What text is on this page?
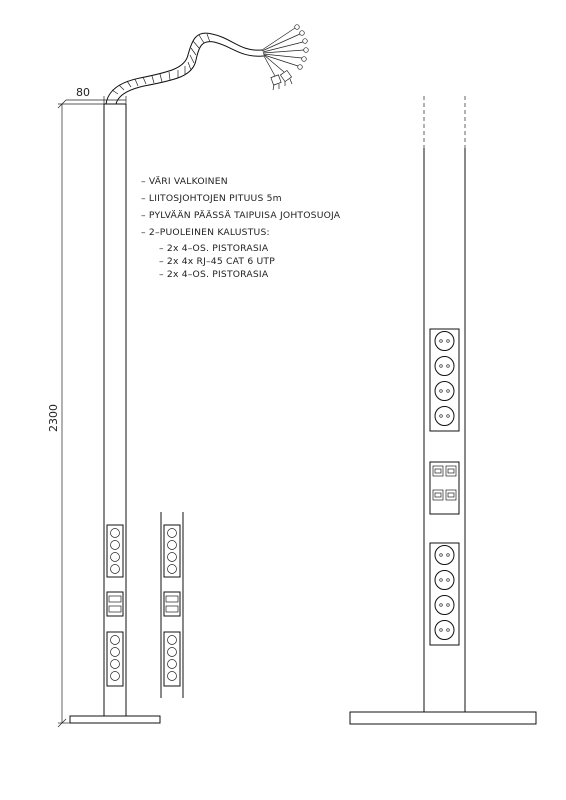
80
2300
– VÄRI VALKOINEN
– LIITOSJOHTOJEN PITUUS 5m
– PYLVÄÄN PÄÄSSÄ TAIPUISA JOHTOSUOJA
– 2–PUOLEINEN KALUSTUS:
– 2x 4–OS. PISTORASIA
– 2x 4x RJ–45 CAT 6 UTP
– 2x 4–OS. PISTORASIA
